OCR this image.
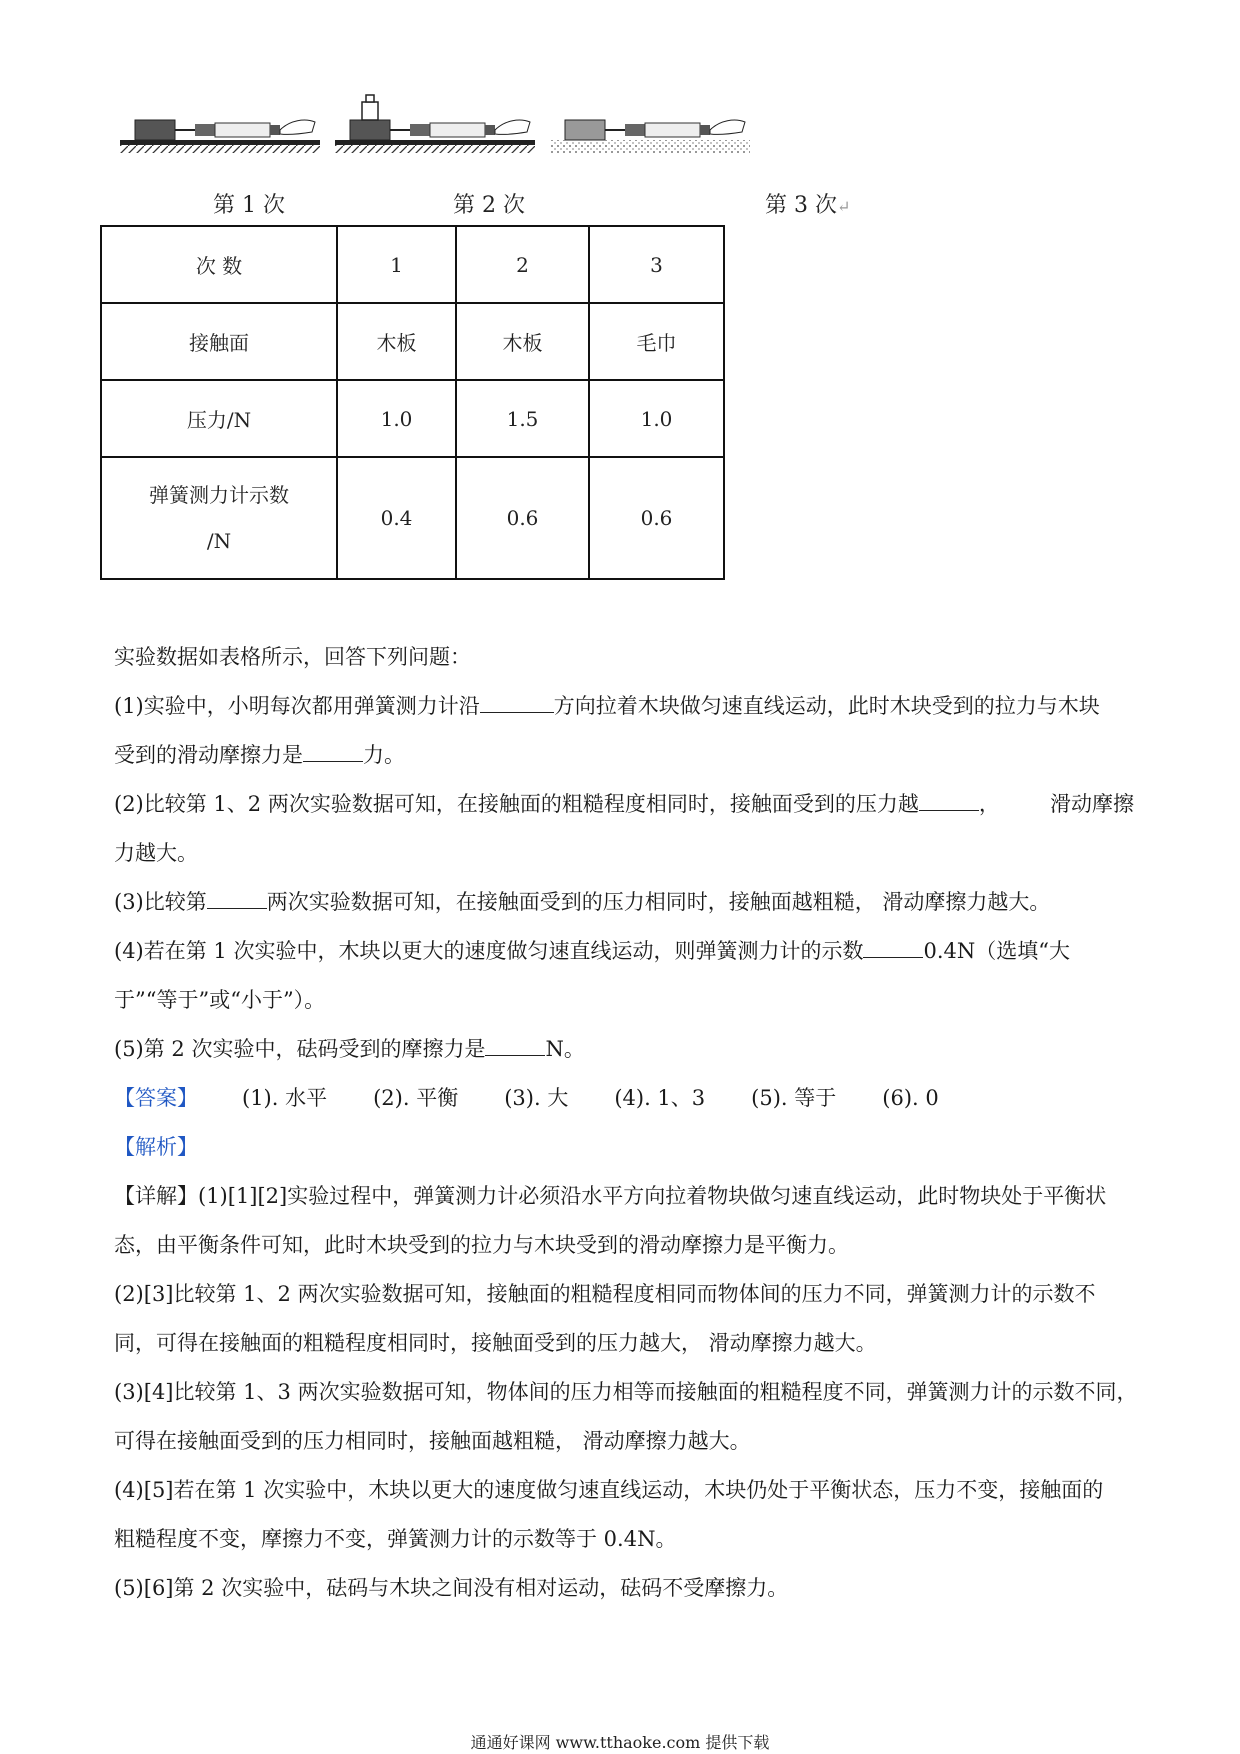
第 1 次	第 2 次	第 3 次↵
次 数	1	2	3
接触面	木板	木板	毛巾
压力/N	1.0	1.5	1.0

弹簧测力计示数
/N	0.4	0.6	0.6
实验数据如表格所示，回答下列问题：
(1)实验中，小明每次都用弹簧测力计沿	方向拉着木块做匀速直线运动，此时木块受到的拉力与木块
受到的滑动摩擦力是	力。
(2)比较第 1、2 两次实验数据可知，在接触面的粗糙程度相同时，接触面受到的压力越	， 滑动摩擦
力越大。
(3)比较第	两次实验数据可知，在接触面受到的压力相同时，接触面越粗糙， 滑动摩擦力越大。
(4)若在第 1 次实验中，木块以更大的速度做匀速直线运动，则弹簧测力计的示数	0.4N（选填“大
于”“等于”或“小于”）。
(5)第 2 次实验中，砝码受到的摩擦力是	N。
【答案】 (1). 水平 (2). 平衡 (3). 大 (4). 1、3 (5). 等于 (6). 0
【解析】
【详解】(1)[1][2]实验过程中，弹簧测力计必须沿水平方向拉着物块做匀速直线运动，此时物块处于平衡状
态，由平衡条件可知，此时木块受到的拉力与木块受到的滑动摩擦力是平衡力。
(2)[3]比较第 1、2 两次实验数据可知，接触面的粗糙程度相同而物体间的压力不同，弹簧测力计的示数不
同，可得在接触面的粗糙程度相同时，接触面受到的压力越大， 滑动摩擦力越大。
(3)[4]比较第 1、3 两次实验数据可知，物体间的压力相等而接触面的粗糙程度不同，弹簧测力计的示数不同，
可得在接触面受到的压力相同时，接触面越粗糙， 滑动摩擦力越大。
(4)[5]若在第 1 次实验中，木块以更大的速度做匀速直线运动，木块仍处于平衡状态，压力不变，接触面的
粗糙程度不变，摩擦力不变，弹簧测力计的示数等于 0.4N。
(5)[6]第 2 次实验中，砝码与木块之间没有相对运动，砝码不受摩擦力。
通通好课网 www.tthaoke.com 提供下载
